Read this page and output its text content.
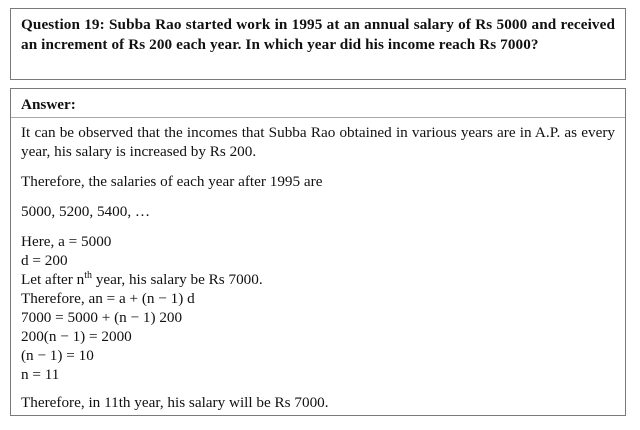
Question 19: Subba Rao started work in 1995 at an annual salary of Rs 5000 and received an increment of Rs 200 each year. In which year did his income reach Rs 7000?
Answer:

It can be observed that the incomes that Subba Rao obtained in various years are in A.P. as every year, his salary is increased by Rs 200.

Therefore, the salaries of each year after 1995 are

5000, 5200, 5400, …

Here, a = 5000
d = 200
Let after $n^{th}$ year, his salary be Rs 7000.
Therefore, an = a + (n − 1) d
7000 = 5000 + (n − 1) 200
200(n − 1) = 2000
(n − 1) = 10
n = 11

Therefore, in 11th year, his salary will be Rs 7000.
